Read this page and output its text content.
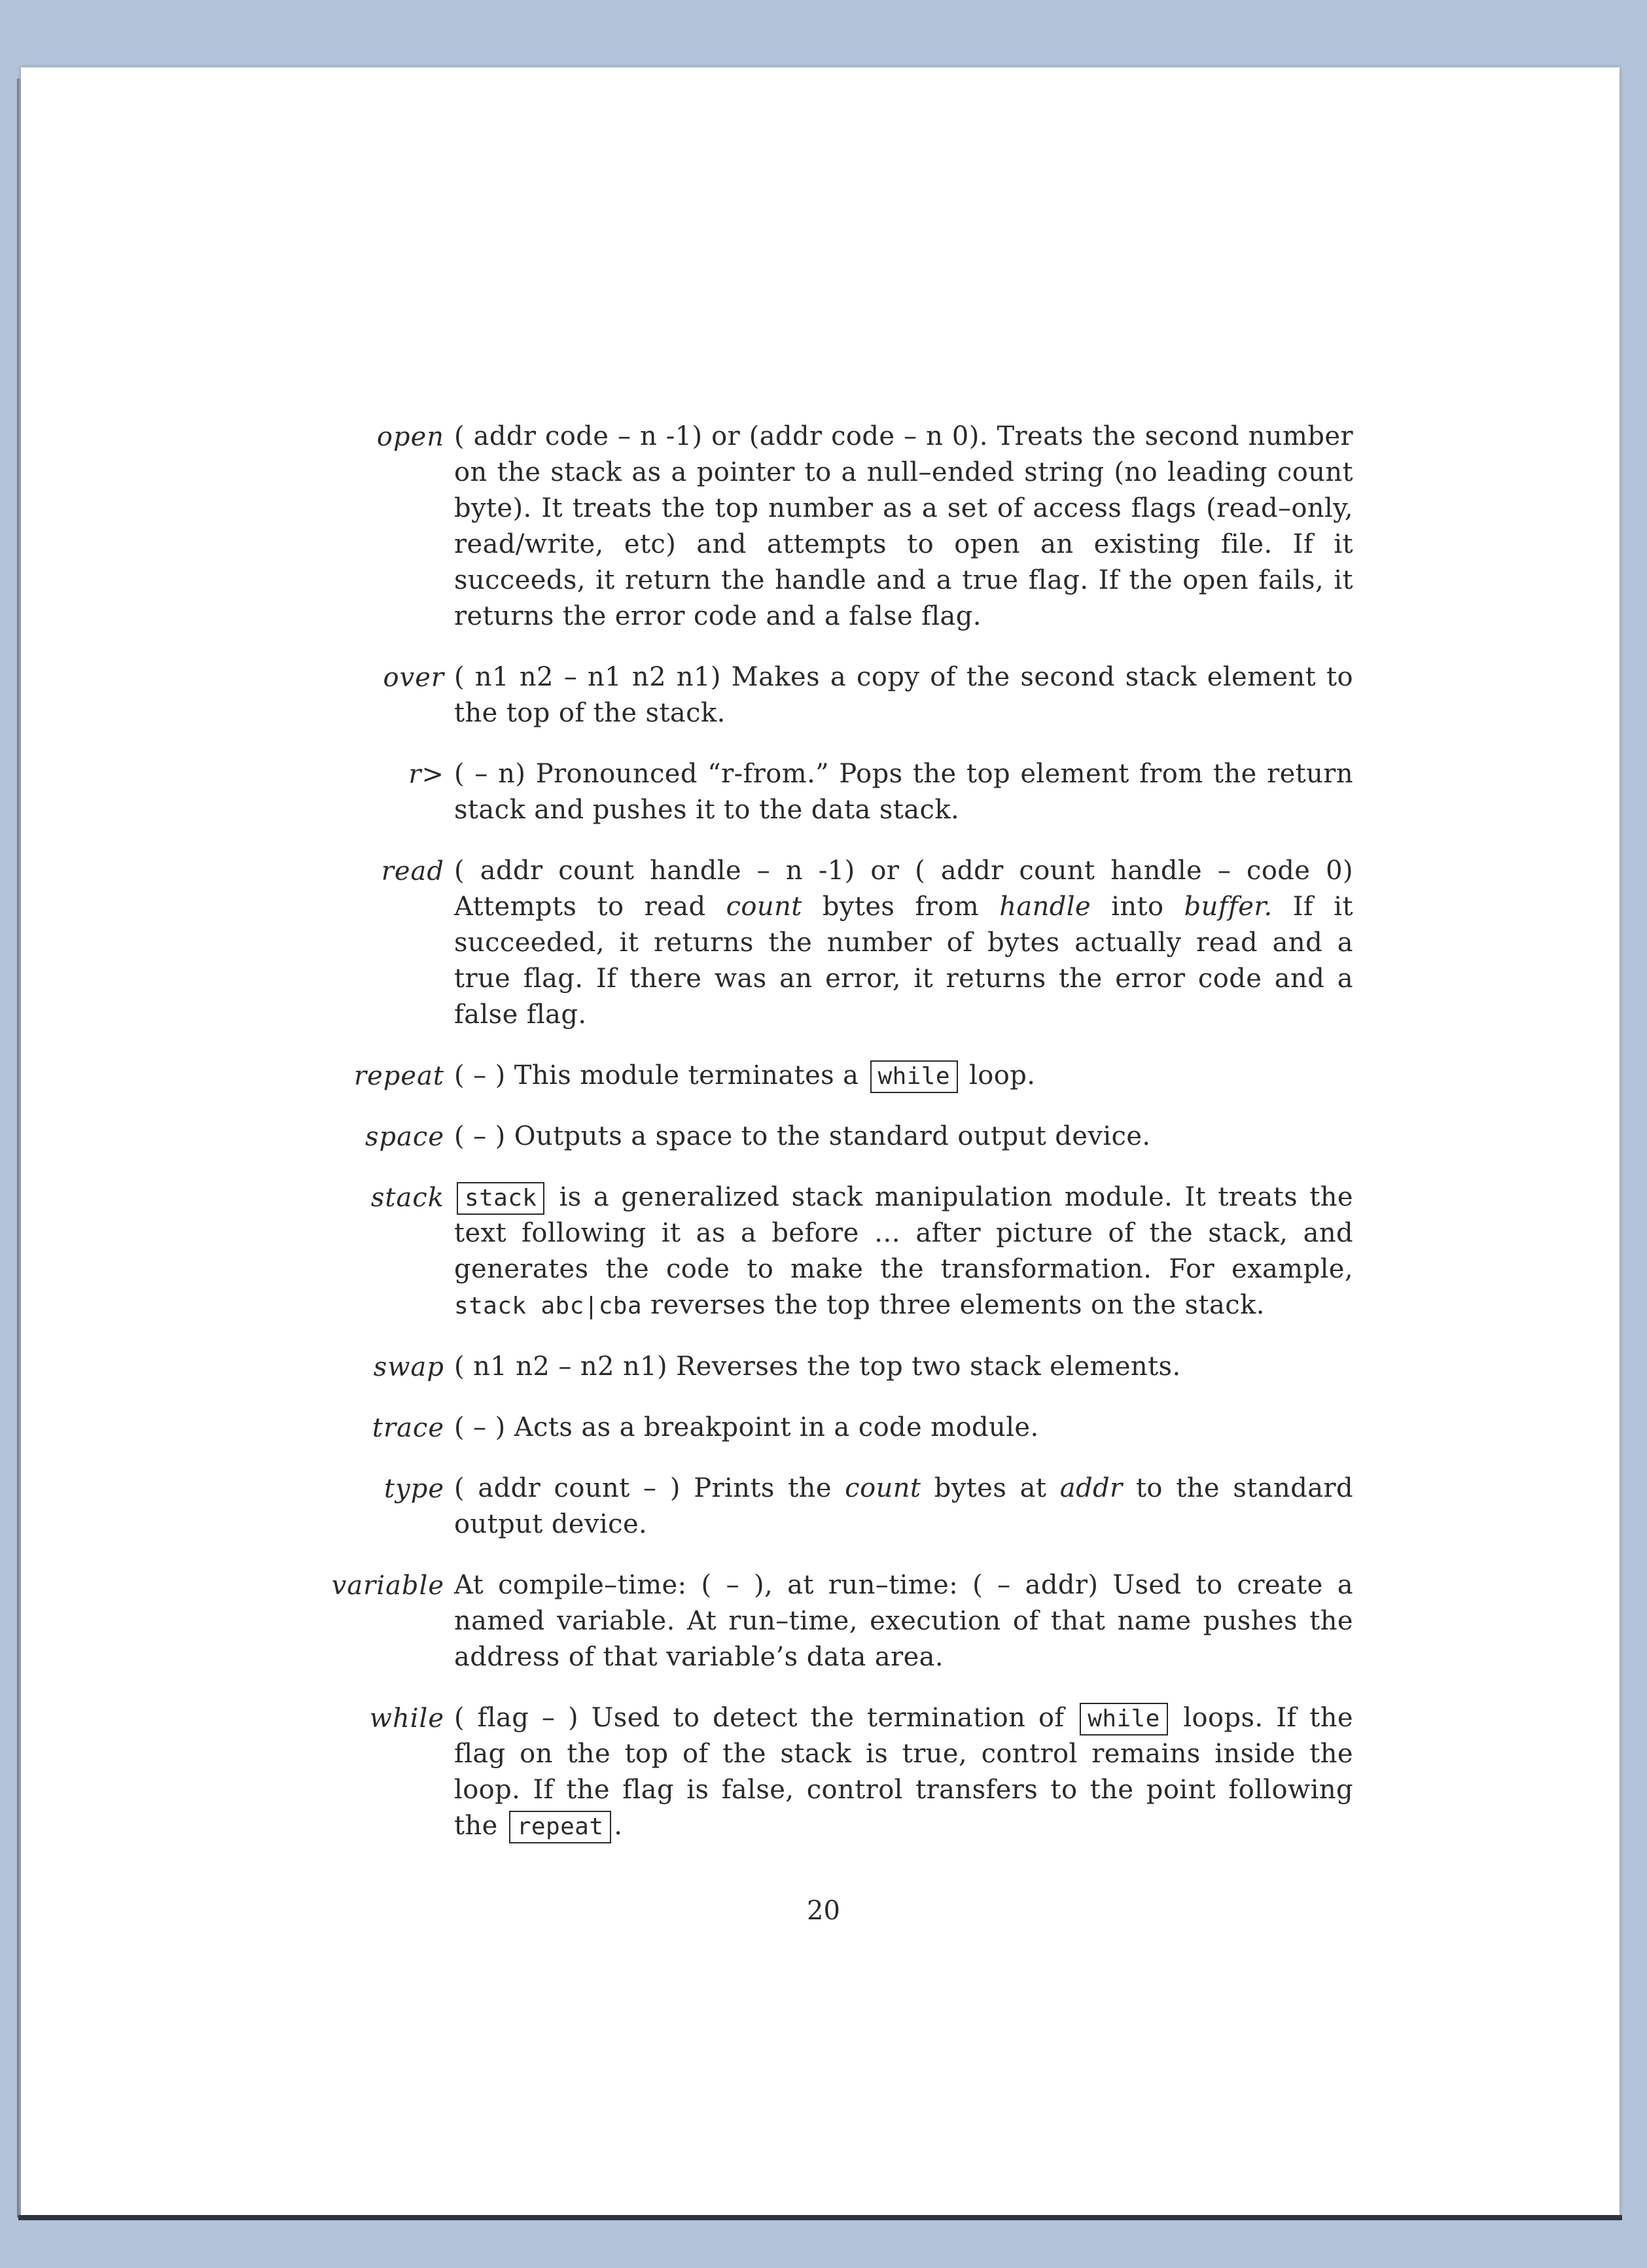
open ( addr code – n -1) or (addr code – n 0). Treats the second number on the stack as a pointer to a null–ended string (no leading count byte). It treats the top number as a set of access flags (read–only, read/write, etc) and attempts to open an existing file. If it succeeds, it return the handle and a true flag. If the open fails, it returns the error code and a false flag.
over ( n1 n2 – n1 n2 n1) Makes a copy of the second stack element to the top of the stack.
r> ( – n) Pronounced “r-from.” Pops the top element from the return stack and pushes it to the data stack.
read ( addr count handle – n -1) or ( addr count handle – code 0) Attempts to read count bytes from handle into buffer. If it succeeded, it returns the number of bytes actually read and a true flag. If there was an error, it returns the error code and a false flag.
repeat ( – ) This module terminates a while loop.
space ( – ) Outputs a space to the standard output device.
stack stack is a generalized stack manipulation module. It treats the text following it as a before … after picture of the stack, and generates the code to make the transformation. For example, stack abc|cba reverses the top three elements on the stack.
swap ( n1 n2 – n2 n1) Reverses the top two stack elements.
trace ( – ) Acts as a breakpoint in a code module.
type ( addr count – ) Prints the count bytes at addr to the standard output device.
variable At compile–time: ( – ), at run–time: ( – addr) Used to create a named variable. At run–time, execution of that name pushes the address of that variable’s data area.
while ( flag – ) Used to detect the termination of while loops. If the flag on the top of the stack is true, control remains inside the loop. If the flag is false, control transfers to the point following the repeat .
20
